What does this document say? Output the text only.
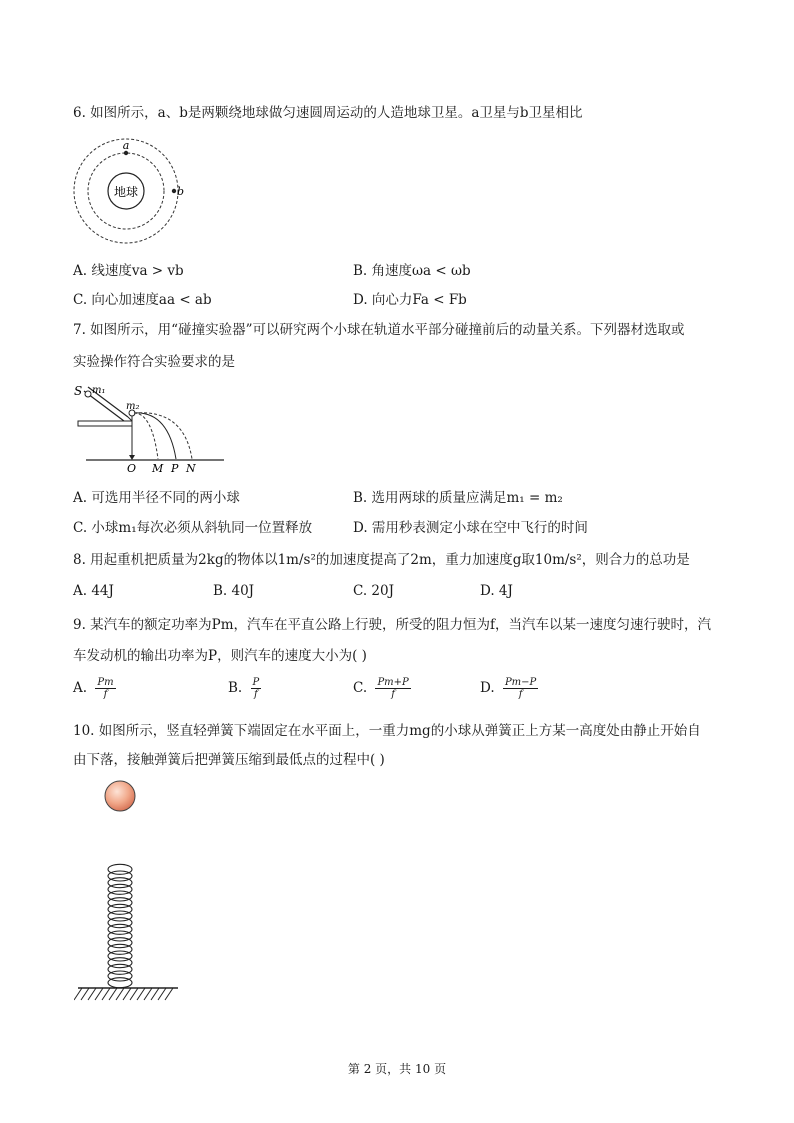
6. 如图所示，a、b是两颗绕地球做匀速圆周运动的人造地球卫星。a卫星与b卫星相比
地球
a
b
A. 线速度va > vb	B. 角速度ωa < ωb
C. 向心加速度aa < ab	D. 向心力Fa < Fb
7. 如图所示，用“碰撞实验器”可以研究两个小球在轨道水平部分碰撞前后的动量关系。下列器材选取或
实验操作符合实验要求的是
S m₁
m₂
O M P N
A. 可选用半径不同的两小球	B. 选用两球的质量应满足m₁ = m₂
C. 小球m₁每次必须从斜轨同一位置释放	D. 需用秒表测定小球在空中飞行的时间
8. 用起重机把质量为2kg的物体以1m/s²的加速度提高了2m，重力加速度g取10m/s²，则合力的总功是
A. 44J	B. 40J	C. 20J	D. 4J
9. 某汽车的额定功率为Pm，汽车在平直公路上行驶，所受的阻力恒为f，当汽车以某一速度匀速行驶时，汽
车发动机的输出功率为P，则汽车的速度大小为( )
A. $\frac{Pm}{f}$	B. $\frac{P}{f}$	C. $\frac{Pm+P}{f}$	D. $\frac{Pm-P}{f}$
10. 如图所示，竖直轻弹簧下端固定在水平面上，一重力mg的小球从弹簧正上方某一高度处由静止开始自
由下落，接触弹簧后把弹簧压缩到最低点的过程中( )
第 2 页，共 10 页
